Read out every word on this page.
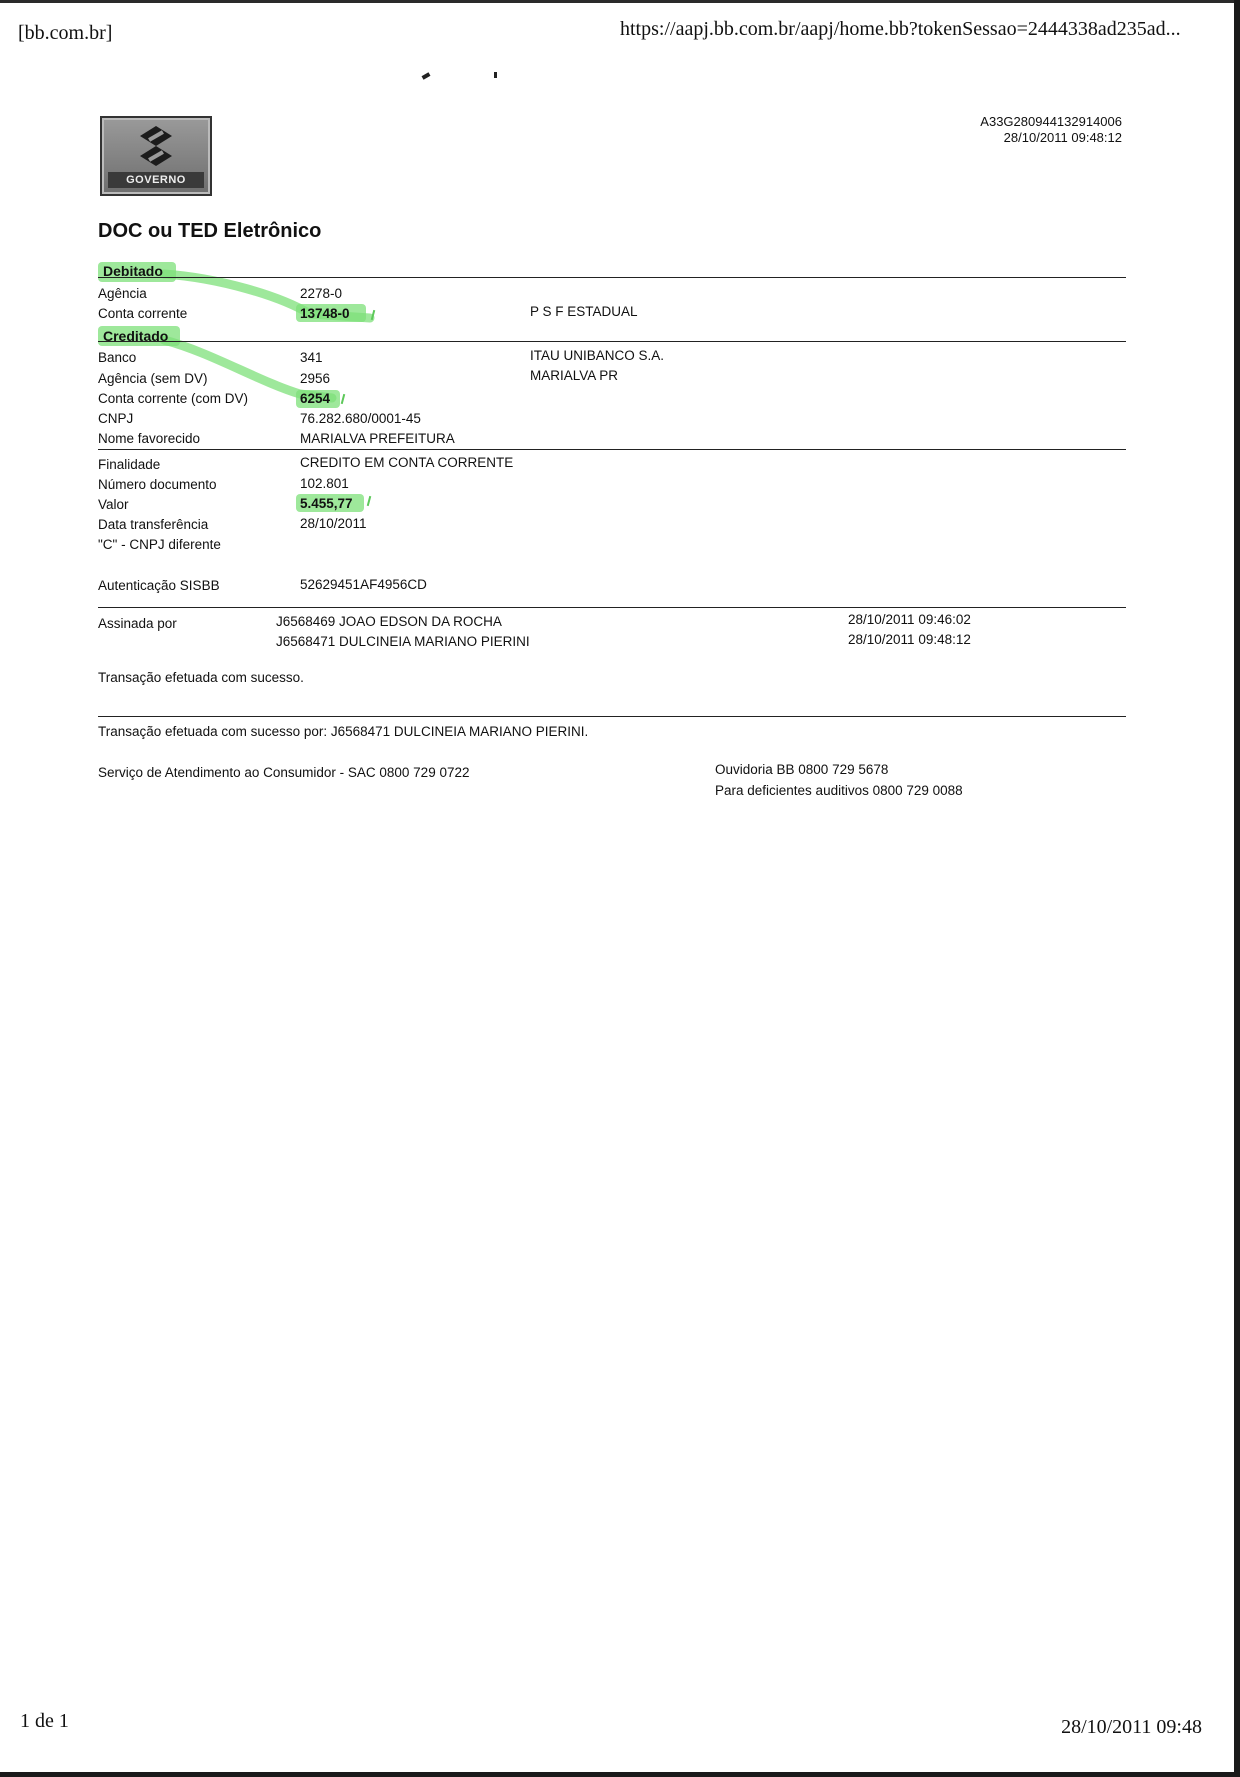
[bb.com.br]	https://aapj.bb.com.br/aapj/home.bb?tokenSessao=2444338ad235ad...
GOVERNO
A33G280944132914006
28/10/2011 09:48:12
DOC ou TED Eletrônico
Debitado
Agência	2278-0
Conta corrente	13748-0	P S F ESTADUAL
Creditado
Banco	341	ITAU UNIBANCO S.A.
Agência (sem DV)	2956	MARIALVA PR
Conta corrente (com DV)	6254
CNPJ	76.282.680/0001-45
Nome favorecido	MARIALVA PREFEITURA
Finalidade	CREDITO EM CONTA CORRENTE
Número documento	102.801
Valor	5.455,77
Data transferência	28/10/2011
"C" - CNPJ diferente
Autenticação SISBB	52629451AF4956CD
Assinada por	J6568469 JOAO EDSON DA ROCHA	28/10/2011 09:46:02
J6568471 DULCINEIA MARIANO PIERINI	28/10/2011 09:48:12
Transação efetuada com sucesso.
Transação efetuada com sucesso por: J6568471 DULCINEIA MARIANO PIERINI.
Serviço de Atendimento ao Consumidor - SAC 0800 729 0722	Ouvidoria BB 0800 729 5678
Para deficientes auditivos 0800 729 0088
1 de 1	28/10/2011 09:48
